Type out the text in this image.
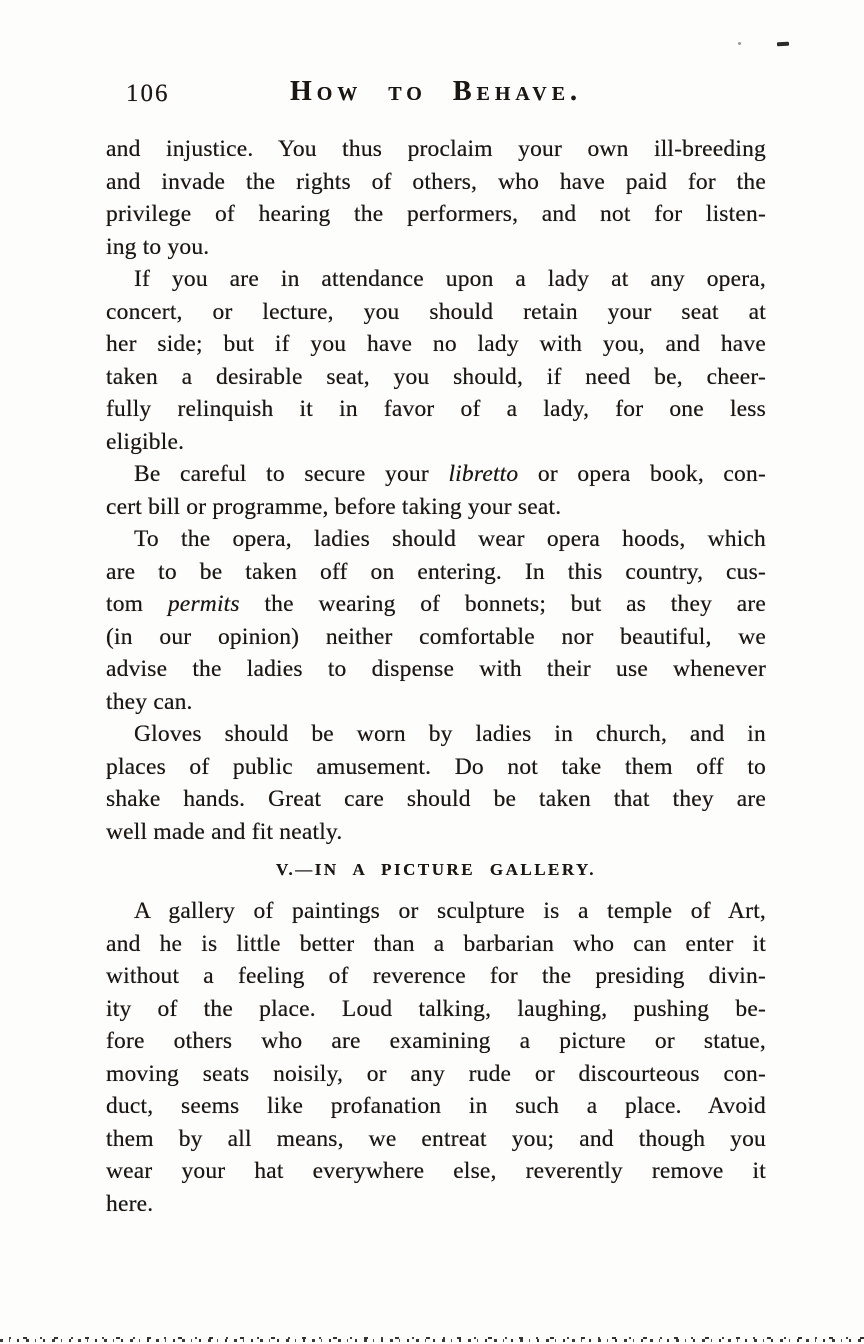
106	How to Behave.
and injustice. You thus proclaim your own ill-breeding
and invade the rights of others, who have paid for the
privilege of hearing the performers, and not for listen-
ing to you.
If you are in attendance upon a lady at any opera,
concert, or lecture, you should retain your seat at
her side; but if you have no lady with you, and have
taken a desirable seat, you should, if need be, cheer-
fully relinquish it in favor of a lady, for one less
eligible.
Be careful to secure your libretto or opera book, con-
cert bill or programme, before taking your seat.
To the opera, ladies should wear opera hoods, which
are to be taken off on entering. In this country, cus-
tom permits the wearing of bonnets; but as they are
(in our opinion) neither comfortable nor beautiful, we
advise the ladies to dispense with their use whenever
they can.
Gloves should be worn by ladies in church, and in
places of public amusement. Do not take them off to
shake hands. Great care should be taken that they are
well made and fit neatly.
V.—IN A PICTURE GALLERY.
A gallery of paintings or sculpture is a temple of Art,
and he is little better than a barbarian who can enter it
without a feeling of reverence for the presiding divin-
ity of the place. Loud talking, laughing, pushing be-
fore others who are examining a picture or statue,
moving seats noisily, or any rude or discourteous con-
duct, seems like profanation in such a place. Avoid
them by all means, we entreat you; and though you
wear your hat everywhere else, reverently remove it
here.
